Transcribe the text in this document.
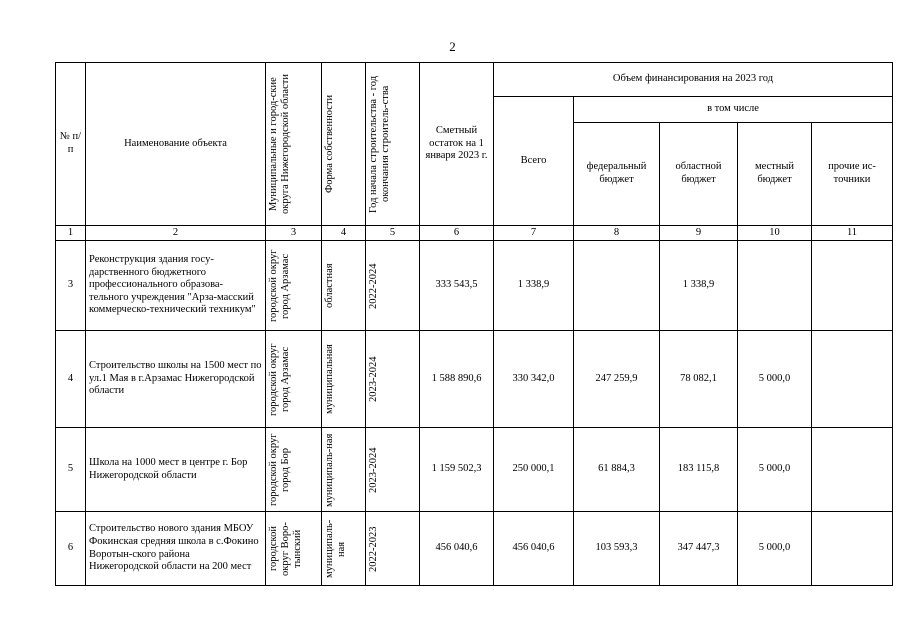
2
№ п/п	Наименование объекта	Муниципальные и город-ские округа Нижегородской области	Форма собственности	Год начала строительства - год окончания строитель-ства	Сметный остаток на 1 января 2023 г.	Объем финансирования на 2023 год				
						Всего	в том числе			
							федеральный бюджет	областной бюджет	местный бюджет	прочие ис-точники
1	2	3	4	5	6	7	8	9	10	11
3	Реконструкция здания госу-дарственного бюджетного профессионального образова-тельного учреждения "Арза-масский коммерческо-технический техникум"	городской округ город Арзамас	областная	2022-2024	333 543,5	1 338,9		1 338,9		
4	Строительство школы на 1500 мест по ул.1 Мая в г.Арзамас Нижегородской области	городской округ город Арзамас	муниципальная	2023-2024	1 588 890,6	330 342,0	247 259,9	78 082,1	5 000,0	
5	Школа на 1000 мест в центре г. Бор Нижегородской области	городской округ город Бор	муниципаль-ная	2023-2024	1 159 502,3	250 000,1	61 884,3	183 115,8	5 000,0	
6	Строительство нового здания МБОУ Фокинская средняя школа в с.Фокино Воротын-ского района Нижегородской области на 200 мест	городской округ Воро-тынский	муниципаль-ная	2022-2023	456 040,6	456 040,6	103 593,3	347 447,3	5 000,0	
